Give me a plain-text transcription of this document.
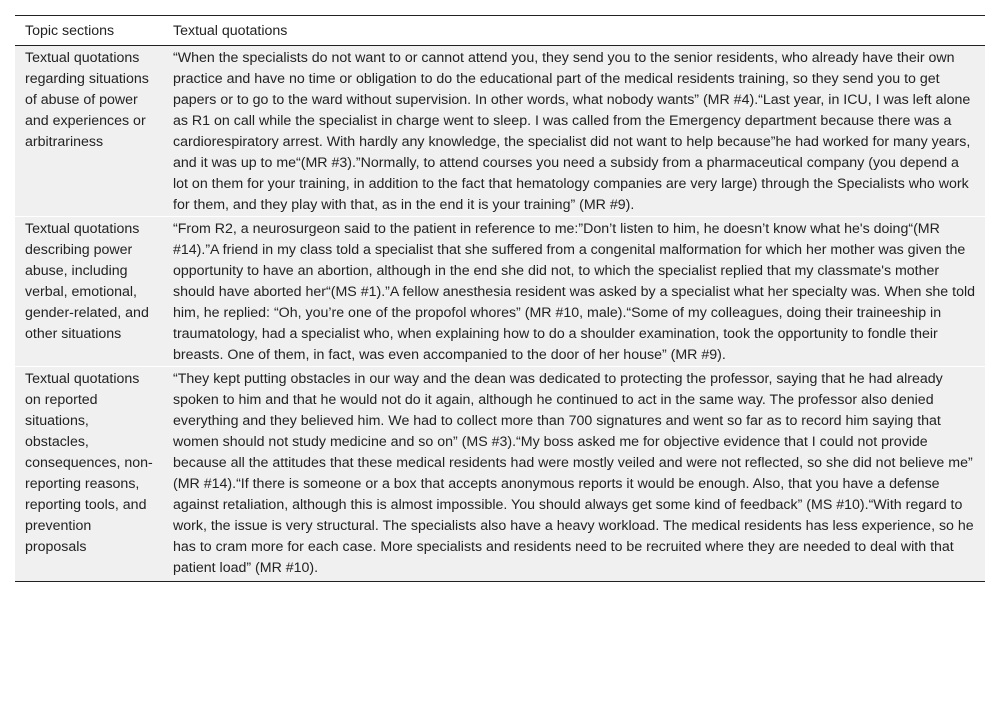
Topic sections	Textual quotations
Textual quotations regarding situations of abuse of power and experiences or arbitrariness	“When the specialists do not want to or cannot attend you, they send you to the senior residents, who already have their own practice and have no time or obligation to do the educational part of the medical residents training, so they send you to get papers or to go to the ward without supervision. In other words, what nobody wants” (MR #4).“Last year, in ICU, I was left alone as R1 on call while the specialist in charge went to sleep. I was called from the Emergency department because there was a cardiorespiratory arrest. With hardly any knowledge, the specialist did not want to help because”he had worked for many years, and it was up to me“(MR #3).”Normally, to attend courses you need a subsidy from a pharmaceutical company (you depend a lot on them for your training, in addition to the fact that hematology companies are very large) through the Specialists who work for them, and they play with that, as in the end it is your training” (MR #9).
Textual quotations describing power abuse, including verbal, emotional, gender-related, and other situations	“From R2, a neurosurgeon said to the patient in reference to me:”Don’t listen to him, he doesn’t know what he's doing“(MR #14).”A friend in my class told a specialist that she suffered from a congenital malformation for which her mother was given the opportunity to have an abortion, although in the end she did not, to which the specialist replied that my classmate's mother should have aborted her“(MS #1).”A fellow anesthesia resident was asked by a specialist what her specialty was. When she told him, he replied: “Oh, you’re one of the propofol whores” (MR #10, male).“Some of my colleagues, doing their traineeship in traumatology, had a specialist who, when explaining how to do a shoulder examination, took the opportunity to fondle their breasts. One of them, in fact, was even accompanied to the door of her house” (MR #9).
Textual quotations on reported situations, obstacles, consequences, non-reporting reasons, reporting tools, and prevention proposals	“They kept putting obstacles in our way and the dean was dedicated to protecting the professor, saying that he had already spoken to him and that he would not do it again, although he continued to act in the same way. The professor also denied everything and they believed him. We had to collect more than 700 signatures and went so far as to record him saying that women should not study medicine and so on” (MS #3).“My boss asked me for objective evidence that I could not provide because all the attitudes that these medical residents had were mostly veiled and were not reflected, so she did not believe me” (MR #14).“If there is someone or a box that accepts anonymous reports it would be enough. Also, that you have a defense against retaliation, although this is almost impossible. You should always get some kind of feedback” (MS #10).“With regard to work, the issue is very structural. The specialists also have a heavy workload. The medical residents has less experience, so he has to cram more for each case. More specialists and residents need to be recruited where they are needed to deal with that patient load” (MR #10).
